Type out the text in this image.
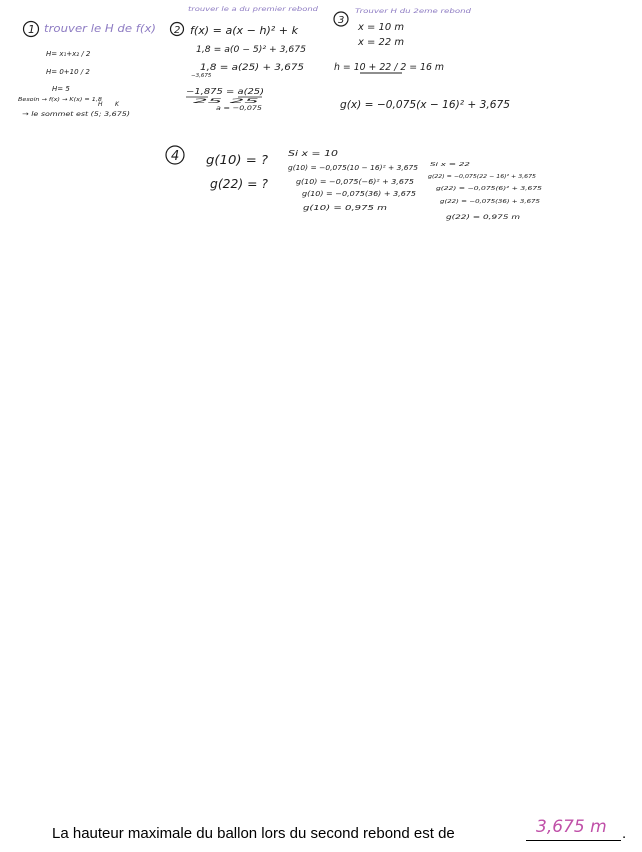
1 trouver le H de f(x)
H= x₁+x₂ / 2
H= 0+10 / 2
H= 5
H K
Besoin → f(x) → K(x) = 1,8
→ le sommet est (5; 3,675)
trouver le a du premier rebond
2 f(x) = a(x − h)² + k
1,8 = a(0 − 5)² + 3,675
1,8 = a(25) + 3,675
−3,675
−1,875 = a(25)
25 25
a = −0,075
3
Trouver H du 2eme rebond
x = 10 m
x = 22 m
h = 10 + 22 / 2 = 16 m
g(x) = −0,075(x − 16)² + 3,675
4 g(10) = ?
g(22) = ?
Si x = 10
g(10) = −0,075(10 − 16)² + 3,675
g(10) = −0,075(−6)² + 3,675
g(10) = −0,075(36) + 3,675
g(10) = 0,975 m
Si x = 22
g(22) = −0,075(22 − 16)² + 3,675
g(22) = −0,075(6)² + 3,675
g(22) = −0,075(36) + 3,675
g(22) = 0,975 m
La hauteur maximale du ballon lors du second rebond est de	3,675 m .
